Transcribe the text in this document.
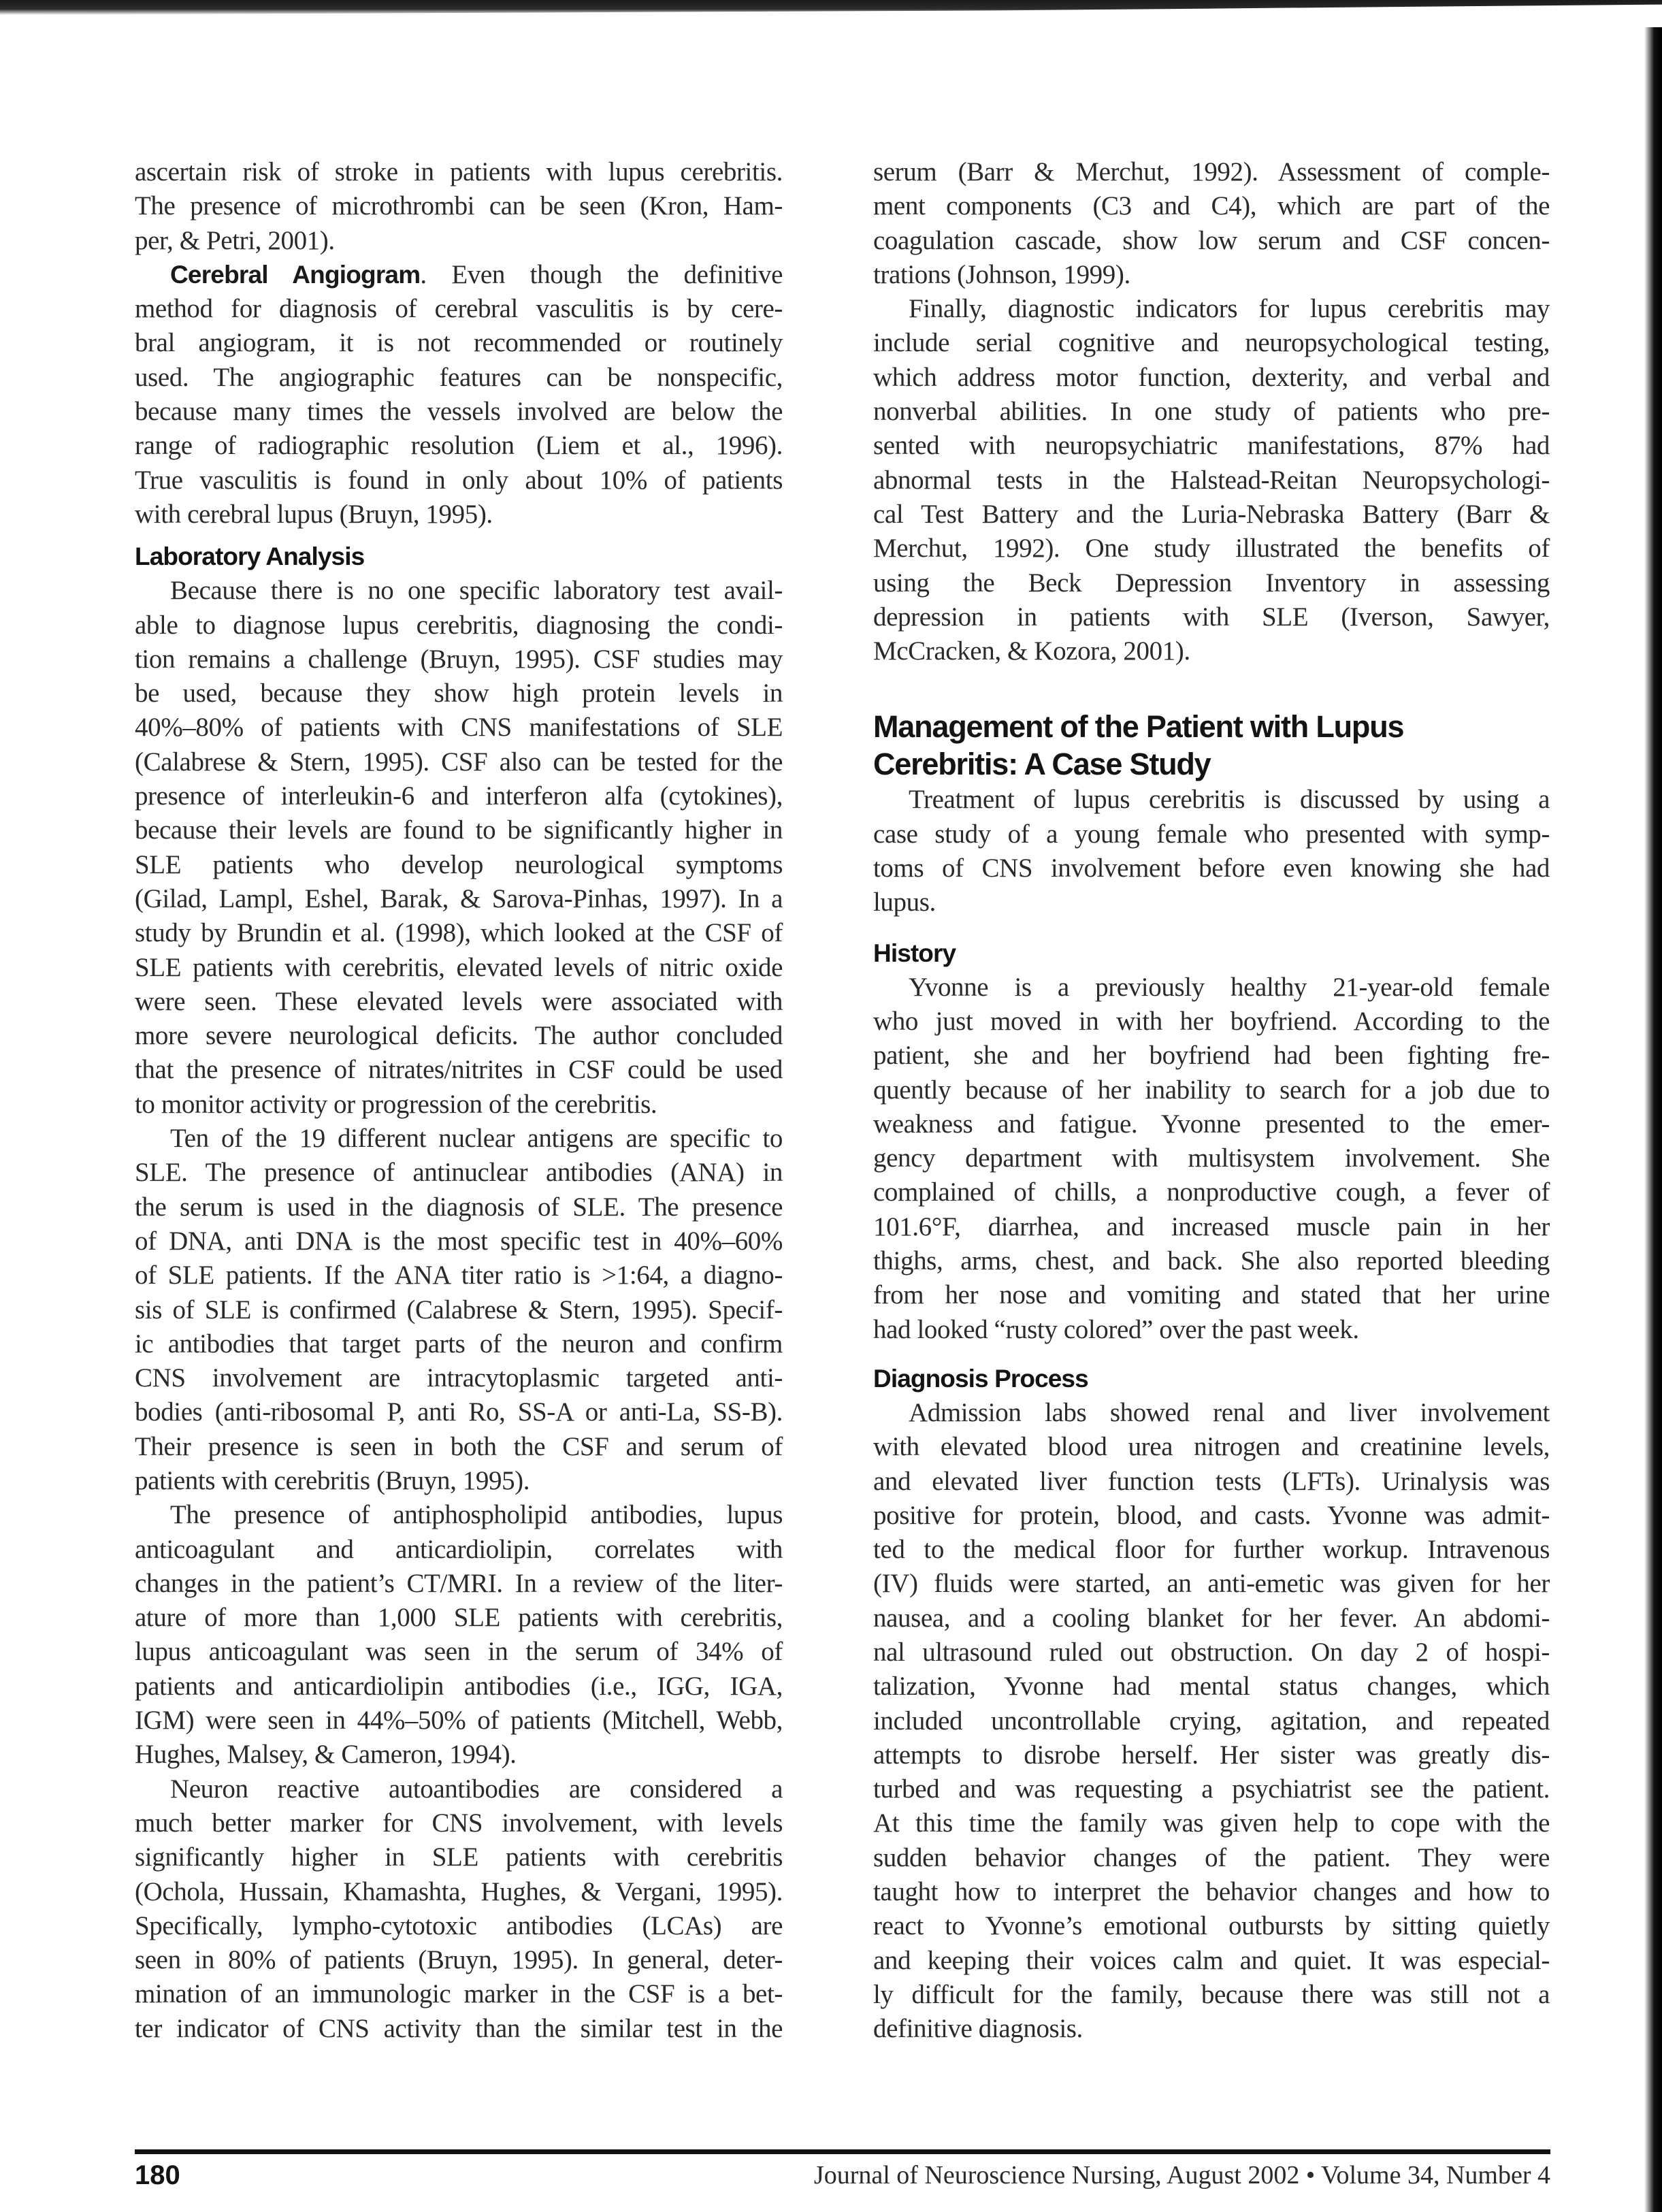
ascertain risk of stroke in patients with lupus cerebritis.
The presence of microthrombi can be seen (Kron, Ham-
per, & Petri, 2001).
Cerebral Angiogram. Even though the definitive
method for diagnosis of cerebral vasculitis is by cere-
bral angiogram, it is not recommended or routinely
used. The angiographic features can be nonspecific,
because many times the vessels involved are below the
range of radiographic resolution (Liem et al., 1996).
True vasculitis is found in only about 10% of patients
with cerebral lupus (Bruyn, 1995).
Laboratory Analysis
Because there is no one specific laboratory test avail-
able to diagnose lupus cerebritis, diagnosing the condi-
tion remains a challenge (Bruyn, 1995). CSF studies may
be used, because they show high protein levels in
40%–80% of patients with CNS manifestations of SLE
(Calabrese & Stern, 1995). CSF also can be tested for the
presence of interleukin-6 and interferon alfa (cytokines),
because their levels are found to be significantly higher in
SLE patients who develop neurological symptoms
(Gilad, Lampl, Eshel, Barak, & Sarova-Pinhas, 1997). In a
study by Brundin et al. (1998), which looked at the CSF of
SLE patients with cerebritis, elevated levels of nitric oxide
were seen. These elevated levels were associated with
more severe neurological deficits. The author concluded
that the presence of nitrates/nitrites in CSF could be used
to monitor activity or progression of the cerebritis.
Ten of the 19 different nuclear antigens are specific to
SLE. The presence of antinuclear antibodies (ANA) in
the serum is used in the diagnosis of SLE. The presence
of DNA, anti DNA is the most specific test in 40%–60%
of SLE patients. If the ANA titer ratio is >1:64, a diagno-
sis of SLE is confirmed (Calabrese & Stern, 1995). Specif-
ic antibodies that target parts of the neuron and confirm
CNS involvement are intracytoplasmic targeted anti-
bodies (anti-ribosomal P, anti Ro, SS-A or anti-La, SS-B).
Their presence is seen in both the CSF and serum of
patients with cerebritis (Bruyn, 1995).
The presence of antiphospholipid antibodies, lupus
anticoagulant and anticardiolipin, correlates with
changes in the patient’s CT/MRI. In a review of the liter-
ature of more than 1,000 SLE patients with cerebritis,
lupus anticoagulant was seen in the serum of 34% of
patients and anticardiolipin antibodies (i.e., IGG, IGA,
IGM) were seen in 44%–50% of patients (Mitchell, Webb,
Hughes, Malsey, & Cameron, 1994).
Neuron reactive autoantibodies are considered a
much better marker for CNS involvement, with levels
significantly higher in SLE patients with cerebritis
(Ochola, Hussain, Khamashta, Hughes, & Vergani, 1995).
Specifically, lympho-cytotoxic antibodies (LCAs) are
seen in 80% of patients (Bruyn, 1995). In general, deter-
mination of an immunologic marker in the CSF is a bet-
ter indicator of CNS activity than the similar test in the
serum (Barr & Merchut, 1992). Assessment of comple-
ment components (C3 and C4), which are part of the
coagulation cascade, show low serum and CSF concen-
trations (Johnson, 1999).
Finally, diagnostic indicators for lupus cerebritis may
include serial cognitive and neuropsychological testing,
which address motor function, dexterity, and verbal and
nonverbal abilities. In one study of patients who pre-
sented with neuropsychiatric manifestations, 87% had
abnormal tests in the Halstead-Reitan Neuropsychologi-
cal Test Battery and the Luria-Nebraska Battery (Barr &
Merchut, 1992). One study illustrated the benefits of
using the Beck Depression Inventory in assessing
depression in patients with SLE (Iverson, Sawyer,
McCracken, & Kozora, 2001).
Management of the Patient with Lupus
Cerebritis: A Case Study
Treatment of lupus cerebritis is discussed by using a
case study of a young female who presented with symp-
toms of CNS involvement before even knowing she had
lupus.
History
Yvonne is a previously healthy 21-year-old female
who just moved in with her boyfriend. According to the
patient, she and her boyfriend had been fighting fre-
quently because of her inability to search for a job due to
weakness and fatigue. Yvonne presented to the emer-
gency department with multisystem involvement. She
complained of chills, a nonproductive cough, a fever of
101.6°F, diarrhea, and increased muscle pain in her
thighs, arms, chest, and back. She also reported bleeding
from her nose and vomiting and stated that her urine
had looked “rusty colored” over the past week.
Diagnosis Process
Admission labs showed renal and liver involvement
with elevated blood urea nitrogen and creatinine levels,
and elevated liver function tests (LFTs). Urinalysis was
positive for protein, blood, and casts. Yvonne was admit-
ted to the medical floor for further workup. Intravenous
(IV) fluids were started, an anti-emetic was given for her
nausea, and a cooling blanket for her fever. An abdomi-
nal ultrasound ruled out obstruction. On day 2 of hospi-
talization, Yvonne had mental status changes, which
included uncontrollable crying, agitation, and repeated
attempts to disrobe herself. Her sister was greatly dis-
turbed and was requesting a psychiatrist see the patient.
At this time the family was given help to cope with the
sudden behavior changes of the patient. They were
taught how to interpret the behavior changes and how to
react to Yvonne’s emotional outbursts by sitting quietly
and keeping their voices calm and quiet. It was especial-
ly difficult for the family, because there was still not a
definitive diagnosis.
180	Journal of Neuroscience Nursing, August 2002 • Volume 34, Number 4
